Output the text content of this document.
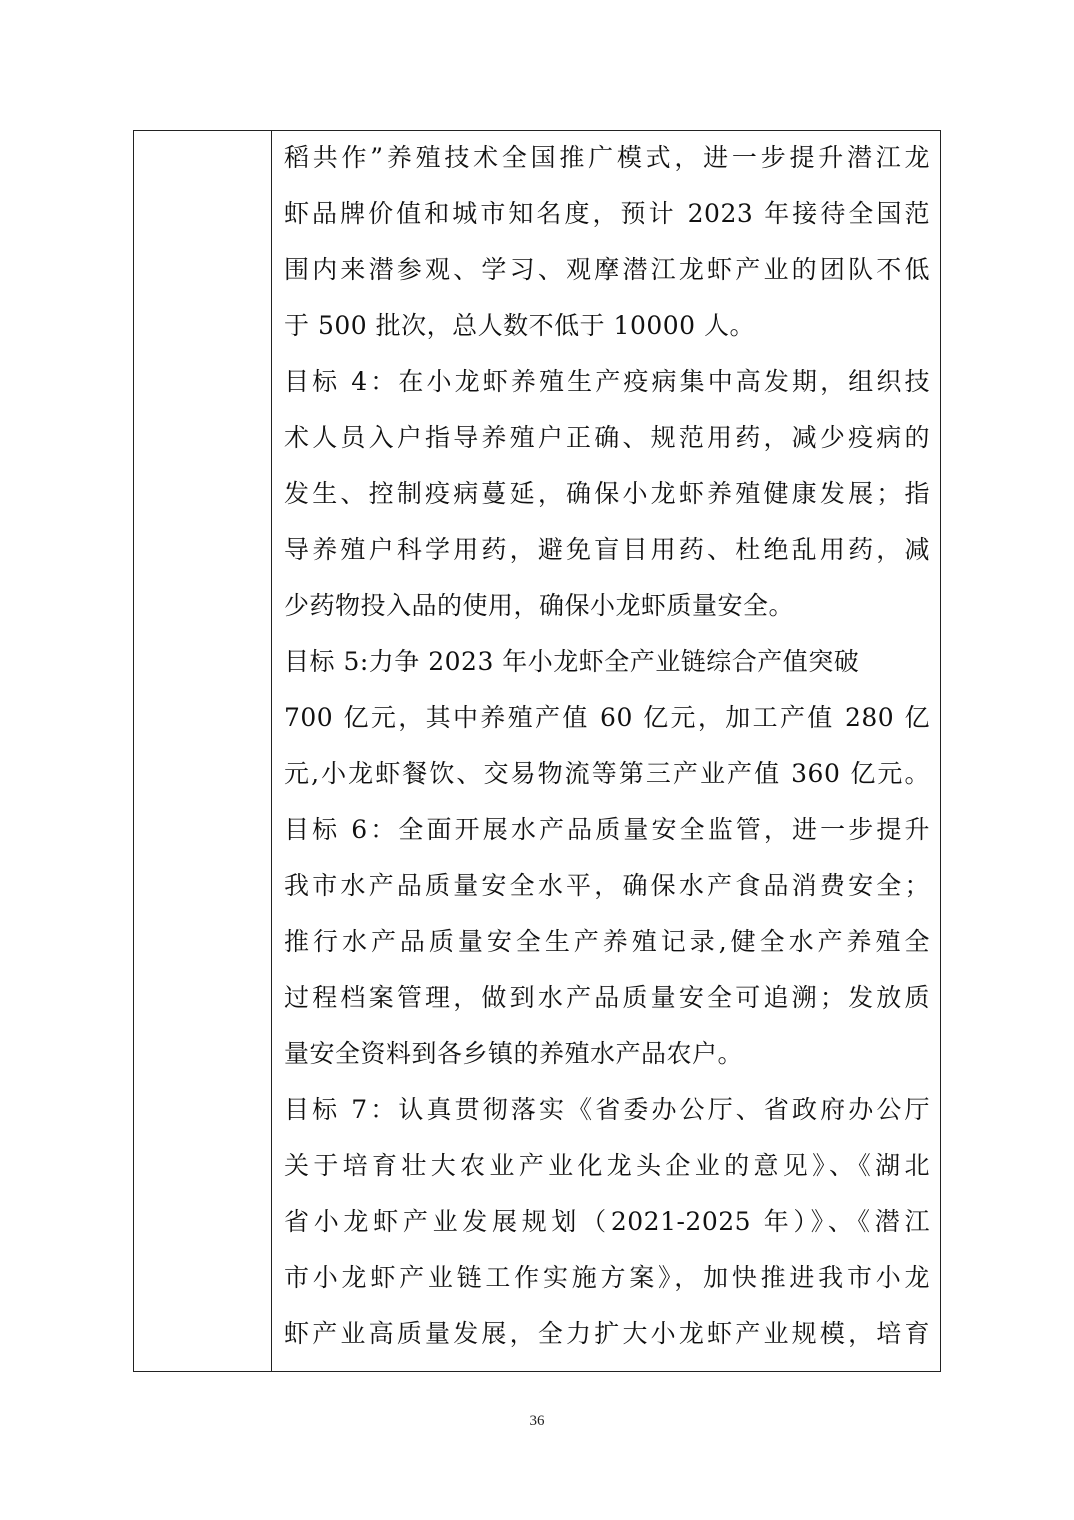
稻共作”养殖技术全国推广模式，进一步提升潜江龙
虾品牌价值和城市知名度，预计 2023 年接待全国范
围内来潜参观、学习、观摩潜江龙虾产业的团队不低
于 500 批次，总人数不低于 10000 人。
目标 4：在小龙虾养殖生产疫病集中高发期，组织技
术人员入户指导养殖户正确、规范用药，减少疫病的
发生、控制疫病蔓延，确保小龙虾养殖健康发展；指
导养殖户科学用药，避免盲目用药、杜绝乱用药，减
少药物投入品的使用，确保小龙虾质量安全。
目标 5:力争 2023 年小龙虾全产业链综合产值突破
700 亿元，其中养殖产值 60 亿元，加工产值 280 亿
元,小龙虾餐饮、交易物流等第三产业产值 360 亿元。
目标 6：全面开展水产品质量安全监管，进一步提升
我市水产品质量安全水平，确保水产食品消费安全；
推行水产品质量安全生产养殖记录,健全水产养殖全
过程档案管理，做到水产品质量安全可追溯；发放质
量安全资料到各乡镇的养殖水产品农户。
目标 7：认真贯彻落实《省委办公厅、省政府办公厅
关于培育壮大农业产业化龙头企业的意见》、《湖北
省小龙虾产业发展规划（2021-2025 年）》、《潜江
市小龙虾产业链工作实施方案》，加快推进我市小龙
虾产业高质量发展，全力扩大小龙虾产业规模，培育
36
